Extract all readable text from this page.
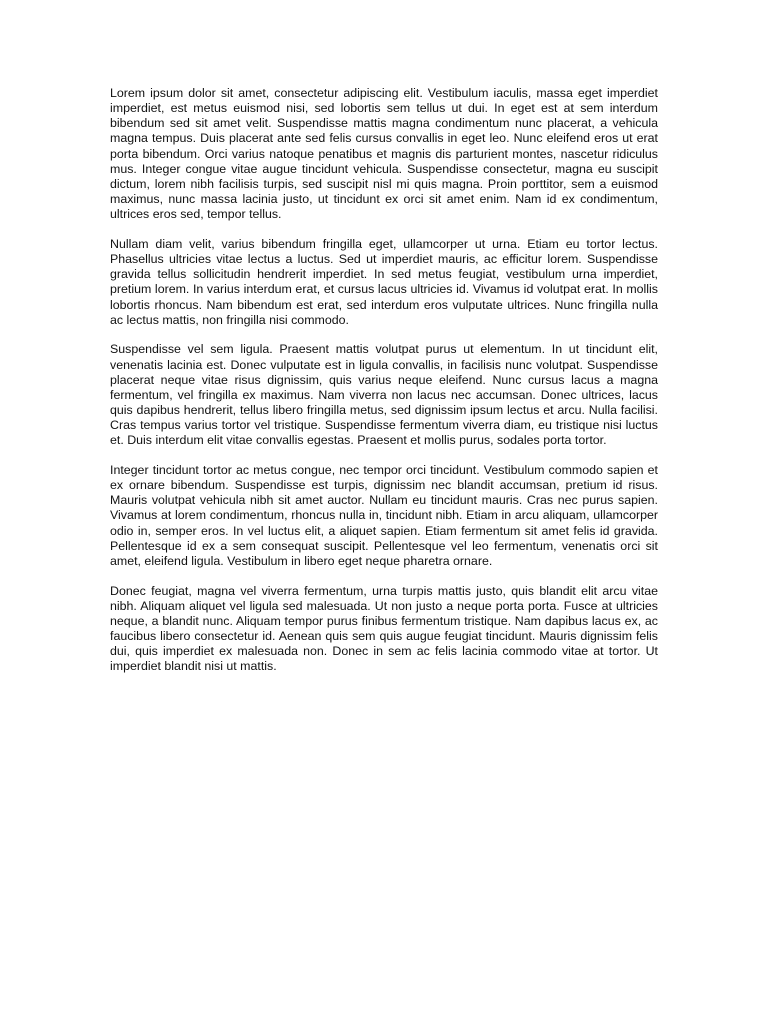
Lorem ipsum dolor sit amet, consectetur adipiscing elit. Vestibulum iaculis, massa eget imperdiet imperdiet, est metus euismod nisi, sed lobortis sem tellus ut dui. In eget est at sem interdum bibendum sed sit amet velit. Suspendisse mattis magna condimentum nunc placerat, a vehicula magna tempus. Duis placerat ante sed felis cursus convallis in eget leo. Nunc eleifend eros ut erat porta bibendum. Orci varius natoque penatibus et magnis dis parturient montes, nascetur ridiculus mus. Integer congue vitae augue tincidunt vehicula. Suspendisse consectetur, magna eu suscipit dictum, lorem nibh facilisis turpis, sed suscipit nisl mi quis magna. Proin porttitor, sem a euismod maximus, nunc massa lacinia justo, ut tincidunt ex orci sit amet enim. Nam id ex condimentum, ultrices eros sed, tempor tellus.

Nullam diam velit, varius bibendum fringilla eget, ullamcorper ut urna. Etiam eu tortor lectus. Phasellus ultricies vitae lectus a luctus. Sed ut imperdiet mauris, ac efficitur lorem. Suspendisse gravida tellus sollicitudin hendrerit imperdiet. In sed metus feugiat, vestibulum urna imperdiet, pretium lorem. In varius interdum erat, et cursus lacus ultricies id. Vivamus id volutpat erat. In mollis lobortis rhoncus. Nam bibendum est erat, sed interdum eros vulputate ultrices. Nunc fringilla nulla ac lectus mattis, non fringilla nisi commodo.

Suspendisse vel sem ligula. Praesent mattis volutpat purus ut elementum. In ut tincidunt elit, venenatis lacinia est. Donec vulputate est in ligula convallis, in facilisis nunc volutpat. Suspendisse placerat neque vitae risus dignissim, quis varius neque eleifend. Nunc cursus lacus a magna fermentum, vel fringilla ex maximus. Nam viverra non lacus nec accumsan. Donec ultrices, lacus quis dapibus hendrerit, tellus libero fringilla metus, sed dignissim ipsum lectus et arcu. Nulla facilisi. Cras tempus varius tortor vel tristique. Suspendisse fermentum viverra diam, eu tristique nisi luctus et. Duis interdum elit vitae convallis egestas. Praesent et mollis purus, sodales porta tortor.

Integer tincidunt tortor ac metus congue, nec tempor orci tincidunt. Vestibulum commodo sapien et ex ornare bibendum. Suspendisse est turpis, dignissim nec blandit accumsan, pretium id risus. Mauris volutpat vehicula nibh sit amet auctor. Nullam eu tincidunt mauris. Cras nec purus sapien. Vivamus at lorem condimentum, rhoncus nulla in, tincidunt nibh. Etiam in arcu aliquam, ullamcorper odio in, semper eros. In vel luctus elit, a aliquet sapien. Etiam fermentum sit amet felis id gravida. Pellentesque id ex a sem consequat suscipit. Pellentesque vel leo fermentum, venenatis orci sit amet, eleifend ligula. Vestibulum in libero eget neque pharetra ornare.

Donec feugiat, magna vel viverra fermentum, urna turpis mattis justo, quis blandit elit arcu vitae nibh. Aliquam aliquet vel ligula sed malesuada. Ut non justo a neque porta porta. Fusce at ultricies neque, a blandit nunc. Aliquam tempor purus finibus fermentum tristique. Nam dapibus lacus ex, ac faucibus libero consectetur id. Aenean quis sem quis augue feugiat tincidunt. Mauris dignissim felis dui, quis imperdiet ex malesuada non. Donec in sem ac felis lacinia commodo vitae at tortor. Ut imperdiet blandit nisi ut mattis.
